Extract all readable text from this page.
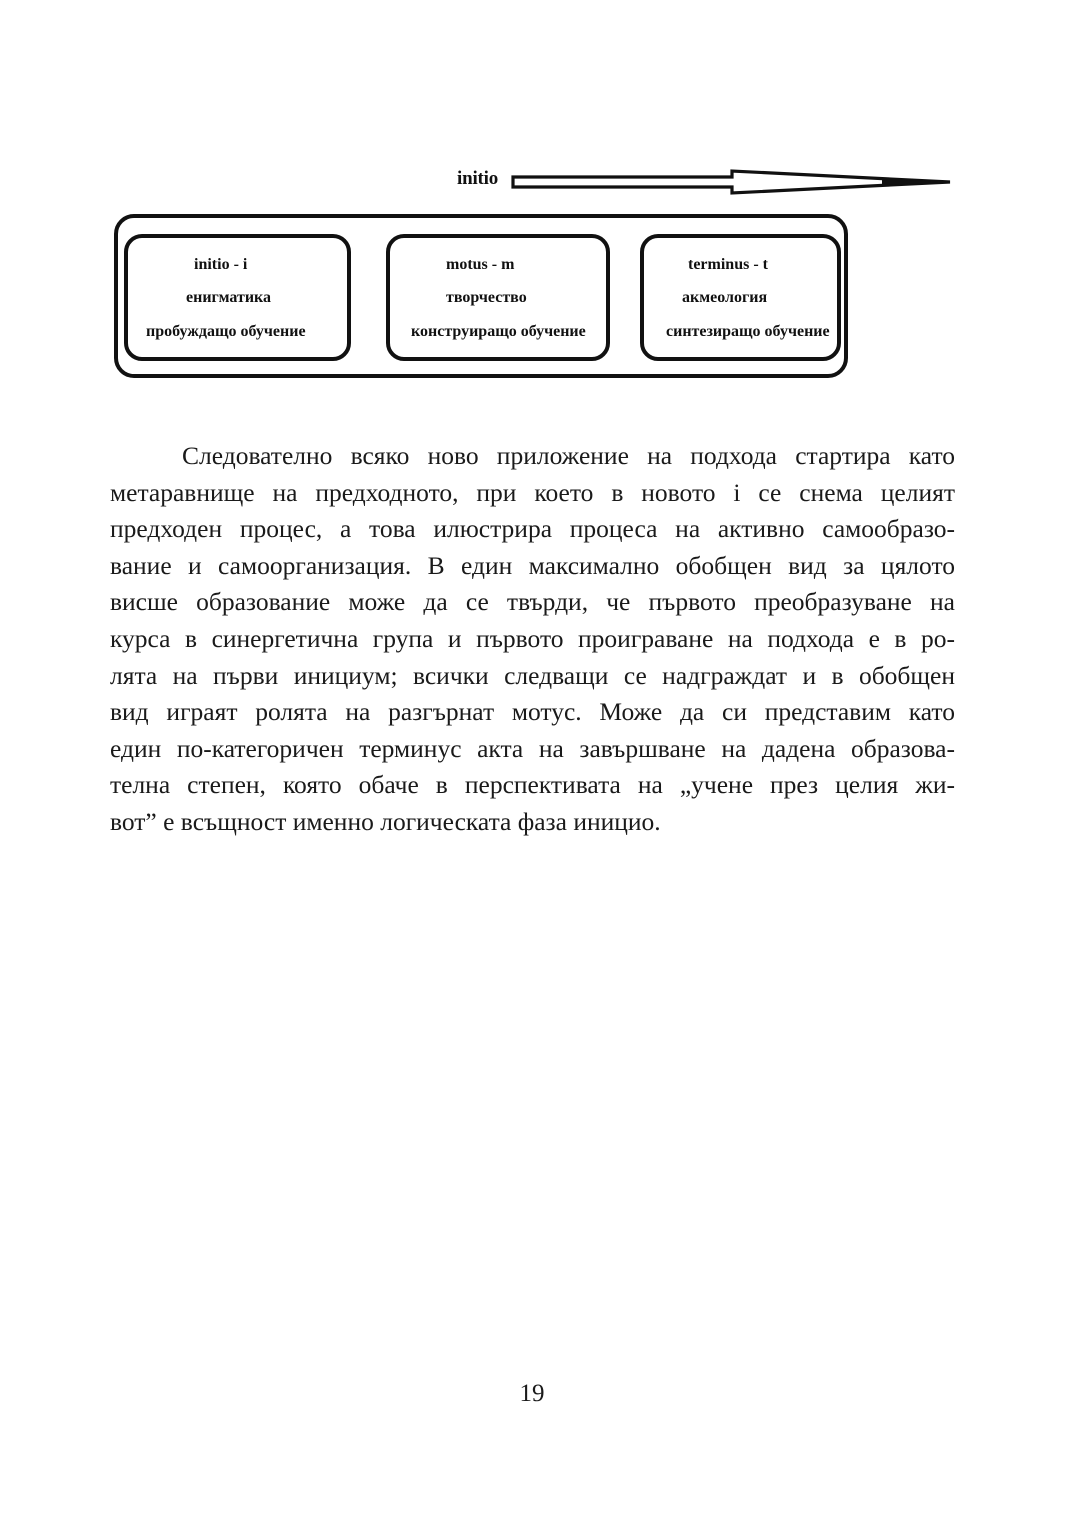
initio
initio - i
енигматика
пробуждащо обучение
motus - m
творчество
конструиращо обучение
terminus - t
акмеология
синтезиращо обучение
Следователно всяко ново приложение на подхода стартира като
метаравнище на предходното, при което в новото i се снема целият
предходен процес, а това илюстрира процеса на активно самообразо-
вание и самоорганизация. В един максимално обобщен вид за цялото
висше образование може да се твърди, че първото преобразуване на
курса в синергетична група и първото проиграване на подхода е в ро-
лята на първи инициум; всички следващи се надграждат и в обобщен
вид играят ролята на разгърнат мотус. Може да си представим като
един по-категоричен терминус акта на завършване на дадена образова-
телна степен, която обаче в перспективата на „учене през целия жи-
вот” е всъщност именно логическата фаза инициo.
19
